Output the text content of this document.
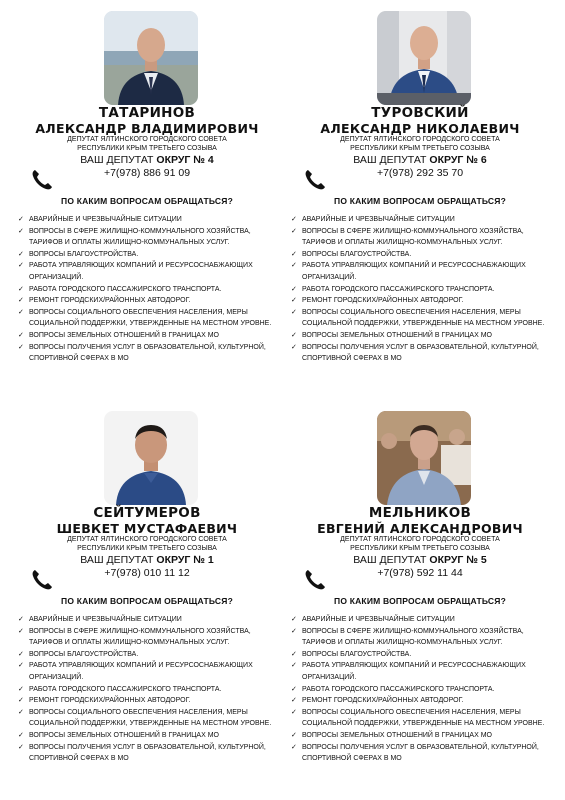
ТАТАРИНОВ
АЛЕКСАНДР ВЛАДИМИРОВИЧ
ДЕПУТАТ ЯЛТИНСКОГО ГОРОДСКОГО СОВЕТА
РЕСПУБЛИКИ КРЫМ ТРЕТЬЕГО СОЗЫВА
ВАШ ДЕПУТАТ ОКРУГ № 4
+7(978) 886 91 09
ПО КАКИМ ВОПРОСАМ ОБРАЩАТЬСЯ?
✓ АВАРИЙНЫЕ И ЧРЕЗВЫЧАЙНЫЕ СИТУАЦИИ
✓ ВОПРОСЫ В СФЕРЕ ЖИЛИЩНО-КОММУНАЛЬНОГО ХОЗЯЙСТВА, ТАРИФОВ И ОПЛАТЫ ЖИЛИЩНО-КОММУНАЛЬНЫХ УСЛУГ.
✓ ВОПРОСЫ БЛАГОУСТРОЙСТВА.
✓ РАБОТА УПРАВЛЯЮЩИХ КОМПАНИЙ И РЕСУРСОСНАБЖАЮЩИХ ОРГАНИЗАЦИЙ.
✓ РАБОТА ГОРОДСКОГО ПАССАЖИРСКОГО ТРАНСПОРТА.
✓ РЕМОНТ ГОРОДСКИХ/РАЙОННЫХ АВТОДОРОГ.
✓ ВОПРОСЫ СОЦИАЛЬНОГО ОБЕСПЕЧЕНИЯ НАСЕЛЕНИЯ, МЕРЫ СОЦИАЛЬНОЙ ПОДДЕРЖКИ, УТВЕРЖДЕННЫЕ НА МЕСТНОМ УРОВНЕ.
✓ ВОПРОСЫ ЗЕМЕЛЬНЫХ ОТНОШЕНИЙ В ГРАНИЦАХ МО
✓ ВОПРОСЫ ПОЛУЧЕНИЯ УСЛУГ В ОБРАЗОВАТЕЛЬНОЙ, КУЛЬТУРНОЙ, СПОРТИВНОЙ СФЕРАХ В МО
ТУРОВСКИЙ
АЛЕКСАНДР НИКОЛАЕВИЧ
ДЕПУТАТ ЯЛТИНСКОГО ГОРОДСКОГО СОВЕТА
РЕСПУБЛИКИ КРЫМ ТРЕТЬЕГО СОЗЫВА
ВАШ ДЕПУТАТ ОКРУГ № 6
+7(978) 292 35 70
ПО КАКИМ ВОПРОСАМ ОБРАЩАТЬСЯ?
✓ АВАРИЙНЫЕ И ЧРЕЗВЫЧАЙНЫЕ СИТУАЦИИ
✓ ВОПРОСЫ В СФЕРЕ ЖИЛИЩНО-КОММУНАЛЬНОГО ХОЗЯЙСТВА, ТАРИФОВ И ОПЛАТЫ ЖИЛИЩНО-КОММУНАЛЬНЫХ УСЛУГ.
✓ ВОПРОСЫ БЛАГОУСТРОЙСТВА.
✓ РАБОТА УПРАВЛЯЮЩИХ КОМПАНИЙ И РЕСУРСОСНАБЖАЮЩИХ ОРГАНИЗАЦИЙ.
✓ РАБОТА ГОРОДСКОГО ПАССАЖИРСКОГО ТРАНСПОРТА.
✓ РЕМОНТ ГОРОДСКИХ/РАЙОННЫХ АВТОДОРОГ.
✓ ВОПРОСЫ СОЦИАЛЬНОГО ОБЕСПЕЧЕНИЯ НАСЕЛЕНИЯ, МЕРЫ СОЦИАЛЬНОЙ ПОДДЕРЖКИ, УТВЕРЖДЕННЫЕ НА МЕСТНОМ УРОВНЕ.
✓ ВОПРОСЫ ЗЕМЕЛЬНЫХ ОТНОШЕНИЙ В ГРАНИЦАХ МО
✓ ВОПРОСЫ ПОЛУЧЕНИЯ УСЛУГ В ОБРАЗОВАТЕЛЬНОЙ, КУЛЬТУРНОЙ, СПОРТИВНОЙ СФЕРАХ В МО
СЕЙТУМЕРОВ
ШЕВКЕТ МУСТАФАЕВИЧ
ДЕПУТАТ ЯЛТИНСКОГО ГОРОДСКОГО СОВЕТА
РЕСПУБЛИКИ КРЫМ ТРЕТЬЕГО СОЗЫВА
ВАШ ДЕПУТАТ ОКРУГ № 1
+7(978) 010 11 12
ПО КАКИМ ВОПРОСАМ ОБРАЩАТЬСЯ?
✓ АВАРИЙНЫЕ И ЧРЕЗВЫЧАЙНЫЕ СИТУАЦИИ
✓ ВОПРОСЫ В СФЕРЕ ЖИЛИЩНО-КОММУНАЛЬНОГО ХОЗЯЙСТВА, ТАРИФОВ И ОПЛАТЫ ЖИЛИЩНО-КОММУНАЛЬНЫХ УСЛУГ.
✓ ВОПРОСЫ БЛАГОУСТРОЙСТВА.
✓ РАБОТА УПРАВЛЯЮЩИХ КОМПАНИЙ И РЕСУРСОСНАБЖАЮЩИХ ОРГАНИЗАЦИЙ.
✓ РАБОТА ГОРОДСКОГО ПАССАЖИРСКОГО ТРАНСПОРТА.
✓ РЕМОНТ ГОРОДСКИХ/РАЙОННЫХ АВТОДОРОГ.
✓ ВОПРОСЫ СОЦИАЛЬНОГО ОБЕСПЕЧЕНИЯ НАСЕЛЕНИЯ, МЕРЫ СОЦИАЛЬНОЙ ПОДДЕРЖКИ, УТВЕРЖДЕННЫЕ НА МЕСТНОМ УРОВНЕ.
✓ ВОПРОСЫ ЗЕМЕЛЬНЫХ ОТНОШЕНИЙ В ГРАНИЦАХ МО
✓ ВОПРОСЫ ПОЛУЧЕНИЯ УСЛУГ В ОБРАЗОВАТЕЛЬНОЙ, КУЛЬТУРНОЙ, СПОРТИВНОЙ СФЕРАХ В МО
МЕЛЬНИКОВ
ЕВГЕНИЙ АЛЕКСАНДРОВИЧ
ДЕПУТАТ ЯЛТИНСКОГО ГОРОДСКОГО СОВЕТА
РЕСПУБЛИКИ КРЫМ ТРЕТЬЕГО СОЗЫВА
ВАШ ДЕПУТАТ ОКРУГ № 5
+7(978) 592 11 44
ПО КАКИМ ВОПРОСАМ ОБРАЩАТЬСЯ?
✓ АВАРИЙНЫЕ И ЧРЕЗВЫЧАЙНЫЕ СИТУАЦИИ
✓ ВОПРОСЫ В СФЕРЕ ЖИЛИЩНО-КОММУНАЛЬНОГО ХОЗЯЙСТВА, ТАРИФОВ И ОПЛАТЫ ЖИЛИЩНО-КОММУНАЛЬНЫХ УСЛУГ.
✓ ВОПРОСЫ БЛАГОУСТРОЙСТВА.
✓ РАБОТА УПРАВЛЯЮЩИХ КОМПАНИЙ И РЕСУРСОСНАБЖАЮЩИХ ОРГАНИЗАЦИЙ.
✓ РАБОТА ГОРОДСКОГО ПАССАЖИРСКОГО ТРАНСПОРТА.
✓ РЕМОНТ ГОРОДСКИХ/РАЙОННЫХ АВТОДОРОГ.
✓ ВОПРОСЫ СОЦИАЛЬНОГО ОБЕСПЕЧЕНИЯ НАСЕЛЕНИЯ, МЕРЫ СОЦИАЛЬНОЙ ПОДДЕРЖКИ, УТВЕРЖДЕННЫЕ НА МЕСТНОМ УРОВНЕ.
✓ ВОПРОСЫ ЗЕМЕЛЬНЫХ ОТНОШЕНИЙ В ГРАНИЦАХ МО
✓ ВОПРОСЫ ПОЛУЧЕНИЯ УСЛУГ В ОБРАЗОВАТЕЛЬНОЙ, КУЛЬТУРНОЙ, СПОРТИВНОЙ СФЕРАХ В МО
